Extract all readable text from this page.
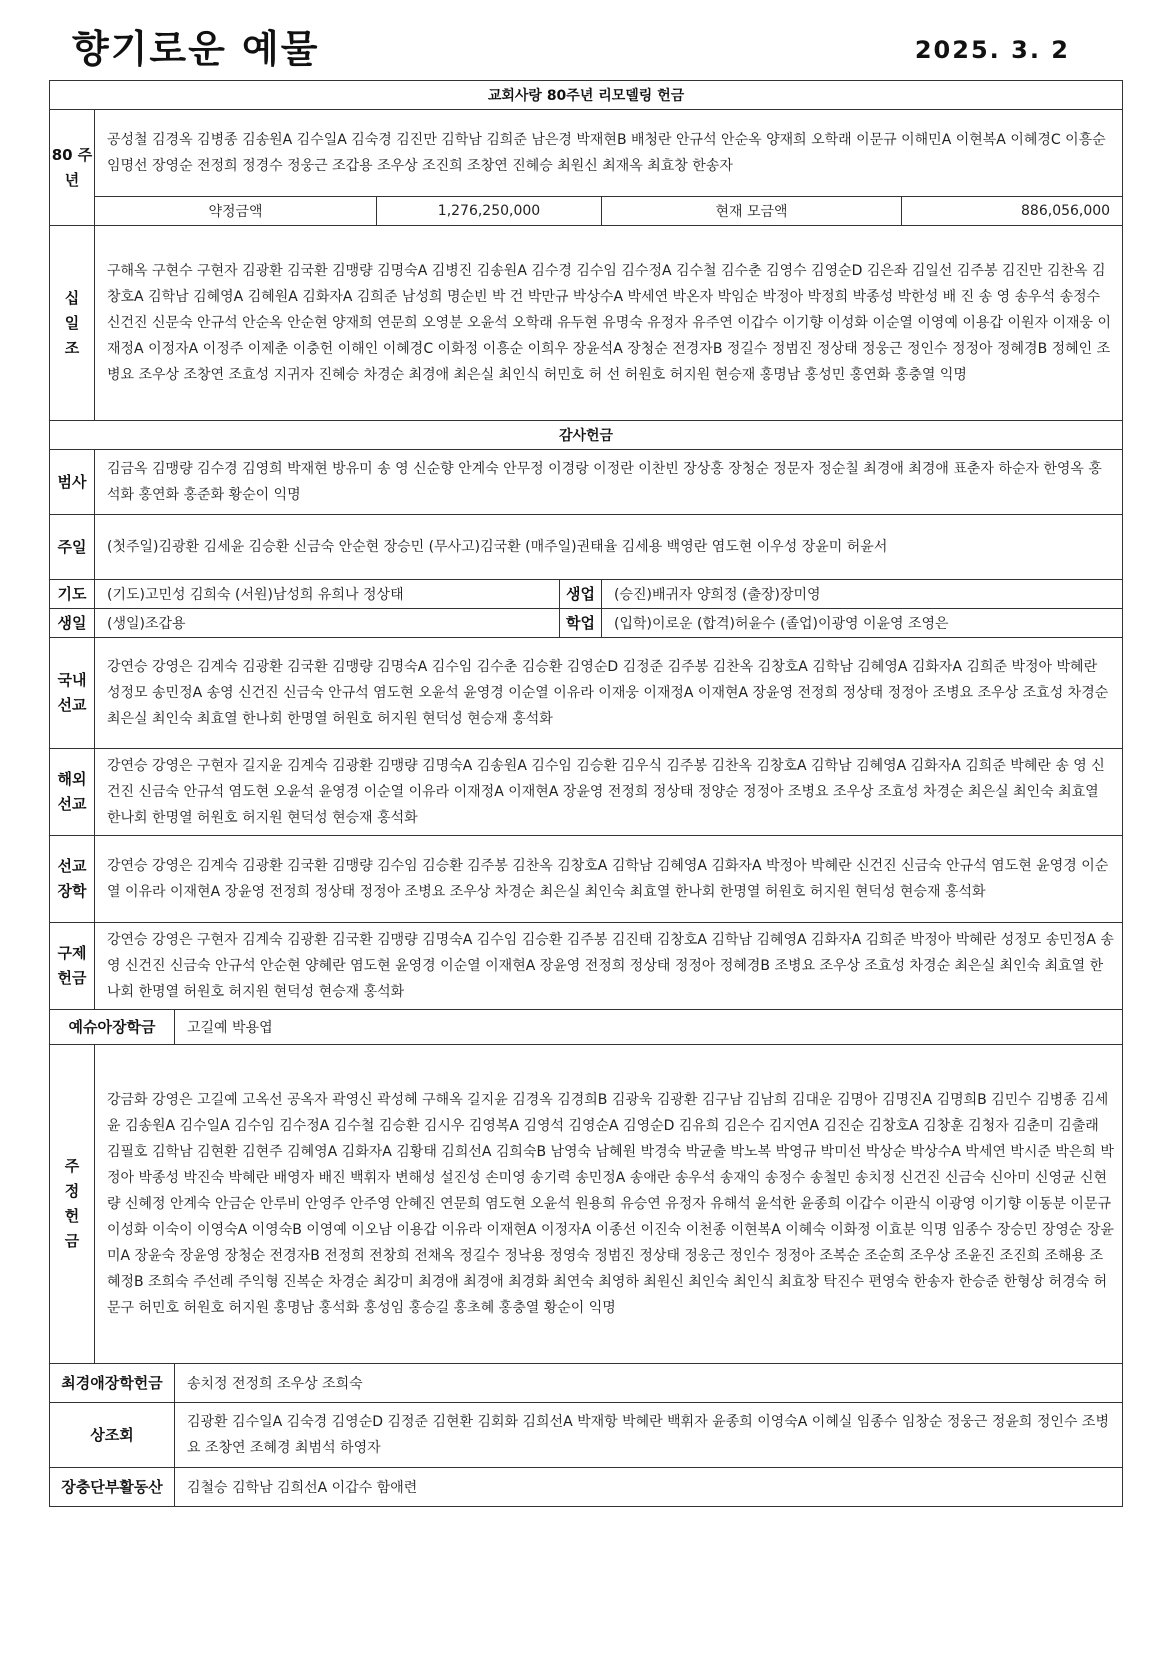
향기로운 예물	2025. 3. 2
교회사랑 80주년 리모델링 헌금						
80 주년	공성철 김경옥 김병종 김송원A 김수일A 김숙경 김진만 김학남 김희준 남은경 박재현B 배청란 안규석 안순옥 양재희 오학래 이문규 이해민A 이현복A 이혜경C 이흥순 임명선 장영순 전정희 정경수 정웅근 조갑용 조우상 조진희 조창연 진혜승 최원신 최재옥 최효창 한송자					
	약정금액		1,276,250,000		현재 모금액	886,056,000
십 일 조	구해옥 구현수 구현자 김광환 김국환 김맹량 김명숙A 김병진 김송원A 김수경 김수임 김수정A 김수철 김수춘 김영수 김영순D 김은좌 김일선 김주봉 김진만 김찬옥 김창호A 김학남 김혜영A 김혜원A 김화자A 김희준 남성희 명순빈 박 건 박만규 박상수A 박세연 박온자 박임순 박정아 박정희 박종성 박한성 배 진 송 영 송우석 송정수 신건진 신문숙 안규석 안순옥 안순현 양재희 연문희 오영분 오윤석 오학래 유두현 유명숙 유정자 유주연 이갑수 이기향 이성화 이순열 이영예 이용갑 이원자 이재웅 이재정A 이정자A 이정주 이제춘 이충헌 이해인 이혜경C 이화정 이흥순 이희우 장윤석A 장청순 전경자B 정길수 정범진 정상태 정웅근 정인수 정정아 정혜경B 정혜인 조병요 조우상 조창연 조효성 지귀자 진혜승 차경순 최경애 최은실 최인식 허민호 허 선 허원호 허지원 현승재 홍명남 홍성민 홍연화 홍충열 익명					
감사헌금						
범사	김금옥 김맹량 김수경 김영희 박재현 방유미 송 영 신순향 안계숙 안무정 이경랑 이정란 이찬빈 장상홍 장청순 정문자 정순칠 최경애 최경애 표춘자 하순자 한영옥 홍석화 홍연화 홍준화 황순이 익명					
주일	(첫주일)김광환 김세윤 김승환 신금숙 안순현 장승민 (무사고)김국환 (매주일)권태율 김세용 백영란 염도현 이우성 장윤미 허윤서					
기도	(기도)고민성 김희숙 (서원)남성희 유희나 정상태			생업	(승진)배귀자 양희정 (출장)장미영	
생일	(생일)조갑용			학업	(입학)이로운 (합격)허윤수 (졸업)이광영 이윤영 조영은	
국내 선교	강연승 강영은 김계숙 김광환 김국환 김맹량 김명숙A 김수임 김수춘 김승환 김영순D 김정준 김주봉 김찬옥 김창호A 김학남 김혜영A 김화자A 김희준 박정아 박혜란 성정모 송민정A 송영 신건진 신금숙 안규석 염도현 오윤석 윤영경 이순열 이유라 이재웅 이재정A 이재현A 장윤영 전정희 정상태 정정아 조병요 조우상 조효성 차경순 최은실 최인숙 최효열 한나회 한명열 허원호 허지원 현덕성 현승재 홍석화					
해외 선교	강연승 강영은 구현자 길지윤 김계숙 김광환 김맹량 김명숙A 김송원A 김수임 김승환 김우식 김주봉 김찬옥 김창호A 김학남 김혜영A 김화자A 김희준 박혜란 송 영 신건진 신금숙 안규석 염도현 오윤석 윤영경 이순열 이유라 이재정A 이재현A 장윤영 전정희 정상태 정양순 정정아 조병요 조우상 조효성 차경순 최은실 최인숙 최효열 한나회 한명열 허원호 허지원 현덕성 현승재 홍석화					
선교 장학	강연승 강영은 김계숙 김광환 김국환 김맹량 김수임 김승환 김주봉 김찬옥 김창호A 김학남 김혜영A 김화자A 박정아 박혜란 신건진 신금숙 안규석 염도현 윤영경 이순열 이유라 이재현A 장윤영 전정희 정상태 정정아 조병요 조우상 차경순 최은실 최인숙 최효열 한나회 한명열 허원호 허지원 현덕성 현승재 홍석화					
구제 헌금	강연승 강영은 구현자 김계숙 김광환 김국환 김맹량 김명숙A 김수임 김승환 김주봉 김진태 김창호A 김학남 김혜영A 김화자A 김희준 박정아 박혜란 성정모 송민정A 송영 신건진 신금숙 안규석 안순현 양혜란 염도현 윤영경 이순열 이재현A 장윤영 전정희 정상태 정정아 정혜경B 조병요 조우상 조효성 차경순 최은실 최인숙 최효열 한나회 한명열 허원호 허지원 현덕성 현승재 홍석화					
예슈아장학금		고길예 박용엽				
주 정 헌 금	강금화 강영은 고길예 고옥선 공옥자 곽영신 곽성혜 구해옥 길지윤 김경옥 김경희B 김광욱 김광환 김구남 김남희 김대운 김명아 김명진A 김명희B 김민수 김병종 김세윤 김송원A 김수일A 김수임 김수정A 김수철 김승환 김시우 김영복A 김영석 김영순A 김영순D 김유희 김은수 김지연A 김진순 김창호A 김창훈 김청자 김춘미 김출래 김필호 김학남 김현환 김현주 김혜영A 김화자A 김황태 김희선A 김희숙B 남영숙 남혜원 박경숙 박균출 박노복 박영규 박미선 박상순 박상수A 박세연 박시준 박은희 박정아 박종성 박진숙 박혜란 배영자 배진 백휘자 변해성 설진성 손미영 송기력 송민정A 송애란 송우석 송재익 송정수 송철민 송치정 신건진 신금숙 신아미 신영균 신현량 신혜정 안계숙 안금순 안루비 안영주 안주영 안혜진 연문희 염도현 오윤석 원용희 유승연 유정자 유해석 윤석한 윤종희 이갑수 이관식 이광영 이기향 이동분 이문규 이성화 이숙이 이영숙A 이영숙B 이영예 이오남 이용갑 이유라 이재현A 이정자A 이종선 이진숙 이천종 이현복A 이혜숙 이화정 이효분 익명 임종수 장승민 장영순 장윤미A 장윤숙 장윤영 장청순 전경자B 전정희 전창희 전채옥 정길수 정낙용 정영숙 정범진 정상태 정웅근 정인수 정정아 조복순 조순희 조우상 조윤진 조진희 조해용 조혜정B 조희숙 주선례 주익형 진복순 차경순 최강미 최경애 최경애 최경화 최연숙 최영하 최원신 최인숙 최인식 최효창 탁진수 편영숙 한송자 한승준 한형상 허경숙 허문구 허민호 허원호 허지원 홍명남 홍석화 홍성임 홍승길 홍초혜 홍충열 황순이 익명					
최경애장학헌금		송치정 전정희 조우상 조희숙				
상조회		김광환 김수일A 김숙경 김영순D 김정준 김현환 김회화 김희선A 박재항 박혜란 백휘자 윤종희 이영숙A 이혜실 임종수 임창순 정웅근 정윤희 정인수 조병요 조창연 조혜경 최범석 하영자				
장충단부활동산		김철승 김학남 김희선A 이갑수 함애련				
